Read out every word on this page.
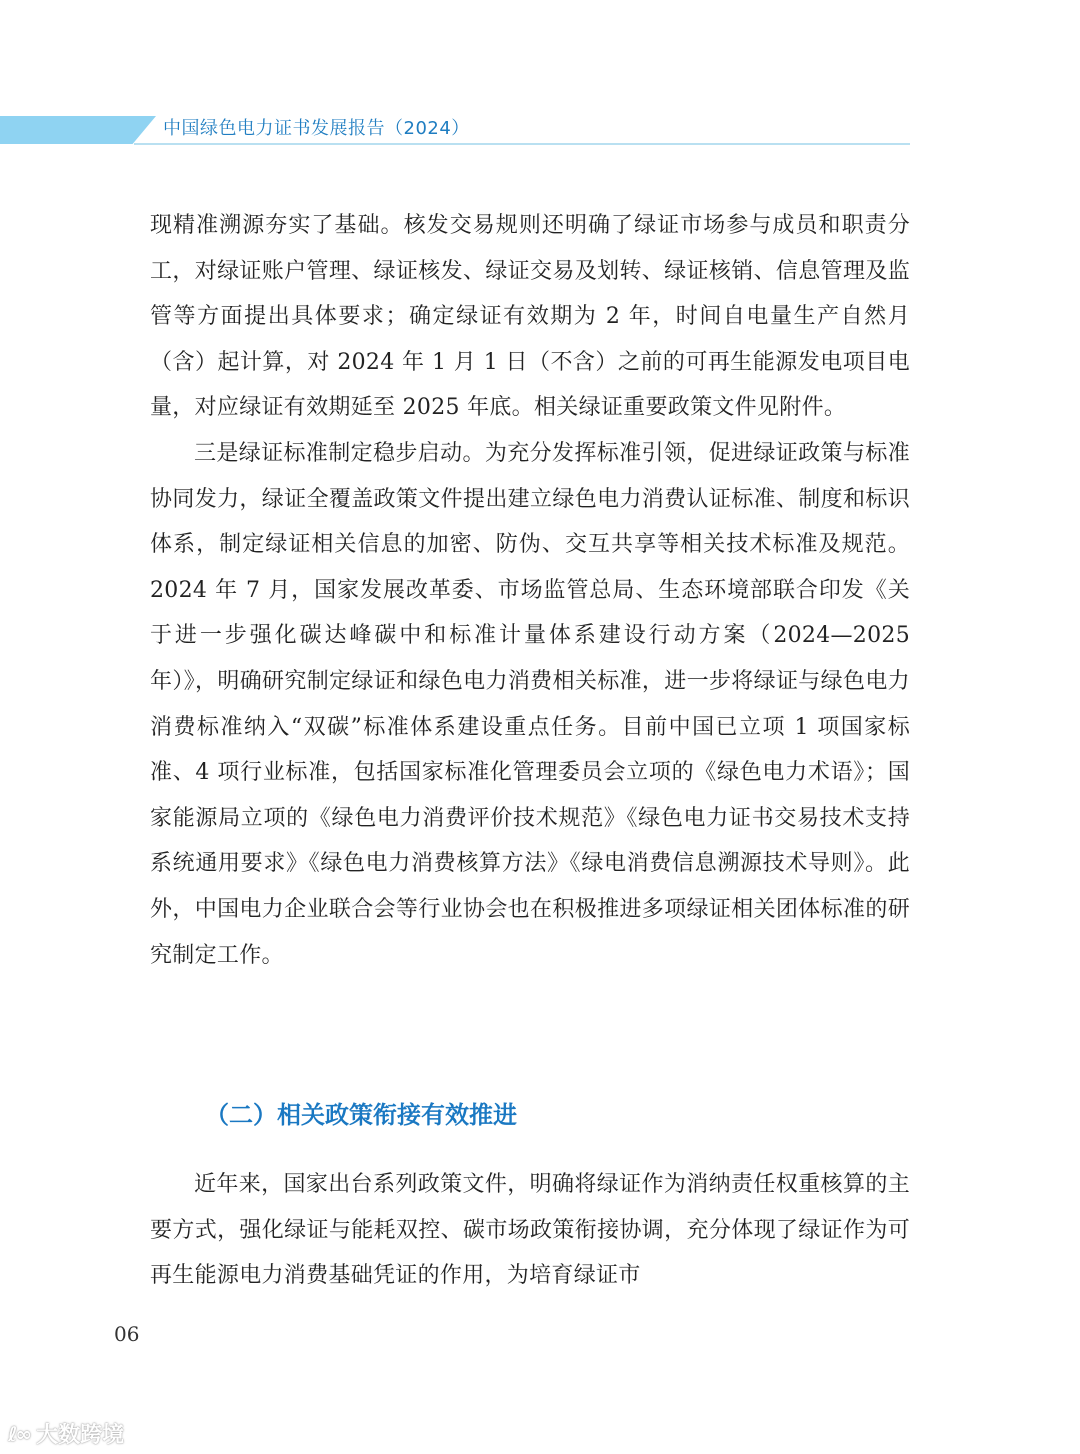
中国绿色电力证书发展报告（2024）

现精准溯源夯实了基础。核发交易规则还明确了绿证市场参与成员和职责分工，对绿证账户管理、绿证核发、绿证交易及划转、绿证核销、信息管理及监管等方面提出具体要求；确定绿证有效期为 2 年，时间自电量生产自然月（含）起计算，对 2024 年 1 月 1 日（不含）之前的可再生能源发电项目电量，对应绿证有效期延至 2025 年底。相关绿证重要政策文件见附件。

三是绿证标准制定稳步启动。为充分发挥标准引领，促进绿证政策与标准协同发力，绿证全覆盖政策文件提出建立绿色电力消费认证标准、制度和标识体系，制定绿证相关信息的加密、防伪、交互共享等相关技术标准及规范。2024 年 7 月，国家发展改革委、市场监管总局、生态环境部联合印发《关于进一步强化碳达峰碳中和标准计量体系建设行动方案（2024—2025 年）》，明确研究制定绿证和绿色电力消费相关标准，进一步将绿证与绿色电力消费标准纳入“双碳”标准体系建设重点任务。目前中国已立项 1 项国家标准、4 项行业标准，包括国家标准化管理委员会立项的《绿色电力术语》；国家能源局立项的《绿色电力消费评价技术规范》《绿色电力证书交易技术支持系统通用要求》《绿色电力消费核算方法》《绿电消费信息溯源技术导则》。此外，中国电力企业联合会等行业协会也在积极推进多项绿证相关团体标准的研究制定工作。

（二）相关政策衔接有效推进

近年来，国家出台系列政策文件，明确将绿证作为消纳责任权重核算的主要方式，强化绿证与能耗双控、碳市场政策衔接协调，充分体现了绿证作为可再生能源电力消费基础凭证的作用，为培育绿证市

06
ℓ∞ 大数跨境
